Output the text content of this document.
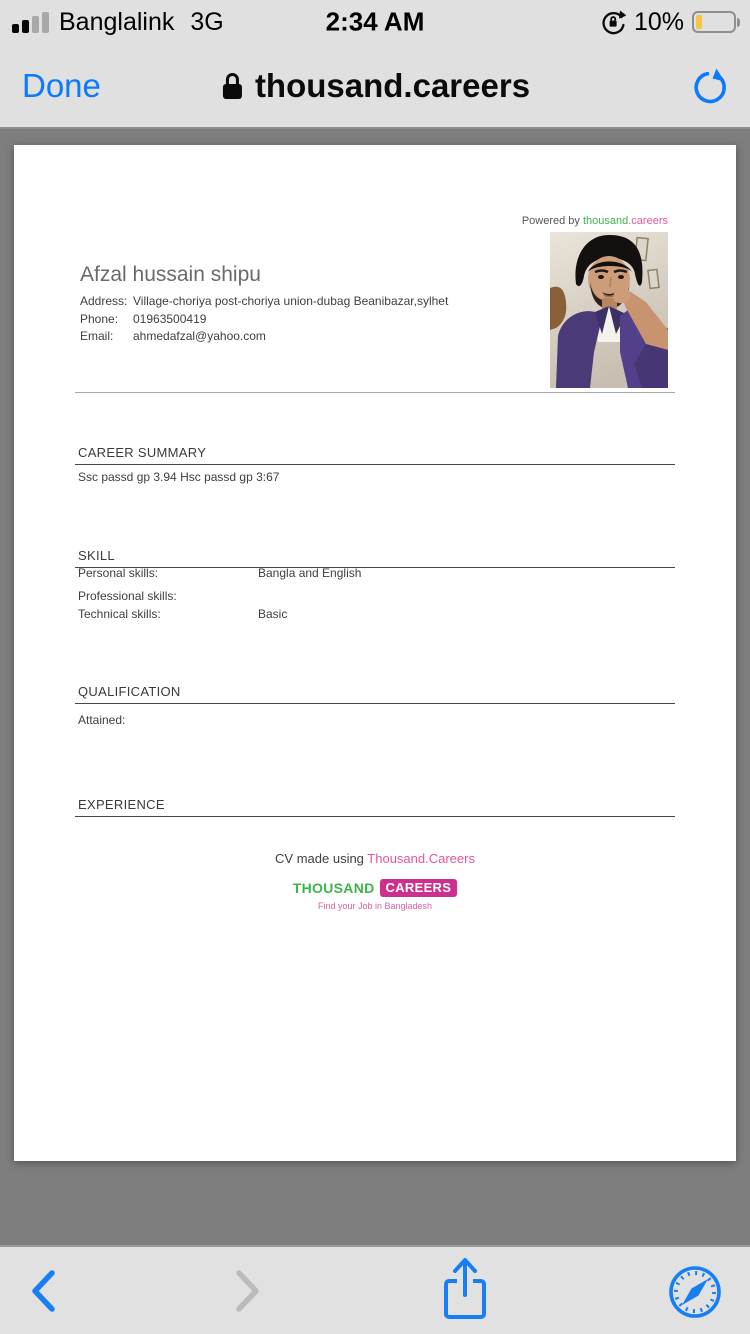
Banglalink 3G	2:34 AM	10%
Done	thousand.careers
Powered by thousand.careers
Afzal hussain shipu
Address: Village-choriya post-choriya union-dubag Beanibazar,sylhet
Phone: 01963500419
Email: ahmedafzal@yahoo.com
CAREER SUMMARY
Ssc passd gp 3.94 Hsc passd gp 3:67
SKILL
Personal skills:	Bangla and English
Professional skills:
Technical skills:	Basic
QUALIFICATION
Attained:
EXPERIENCE
CV made using Thousand.Careers
THOUSAND CAREERS
Find your Job in Bangladesh
